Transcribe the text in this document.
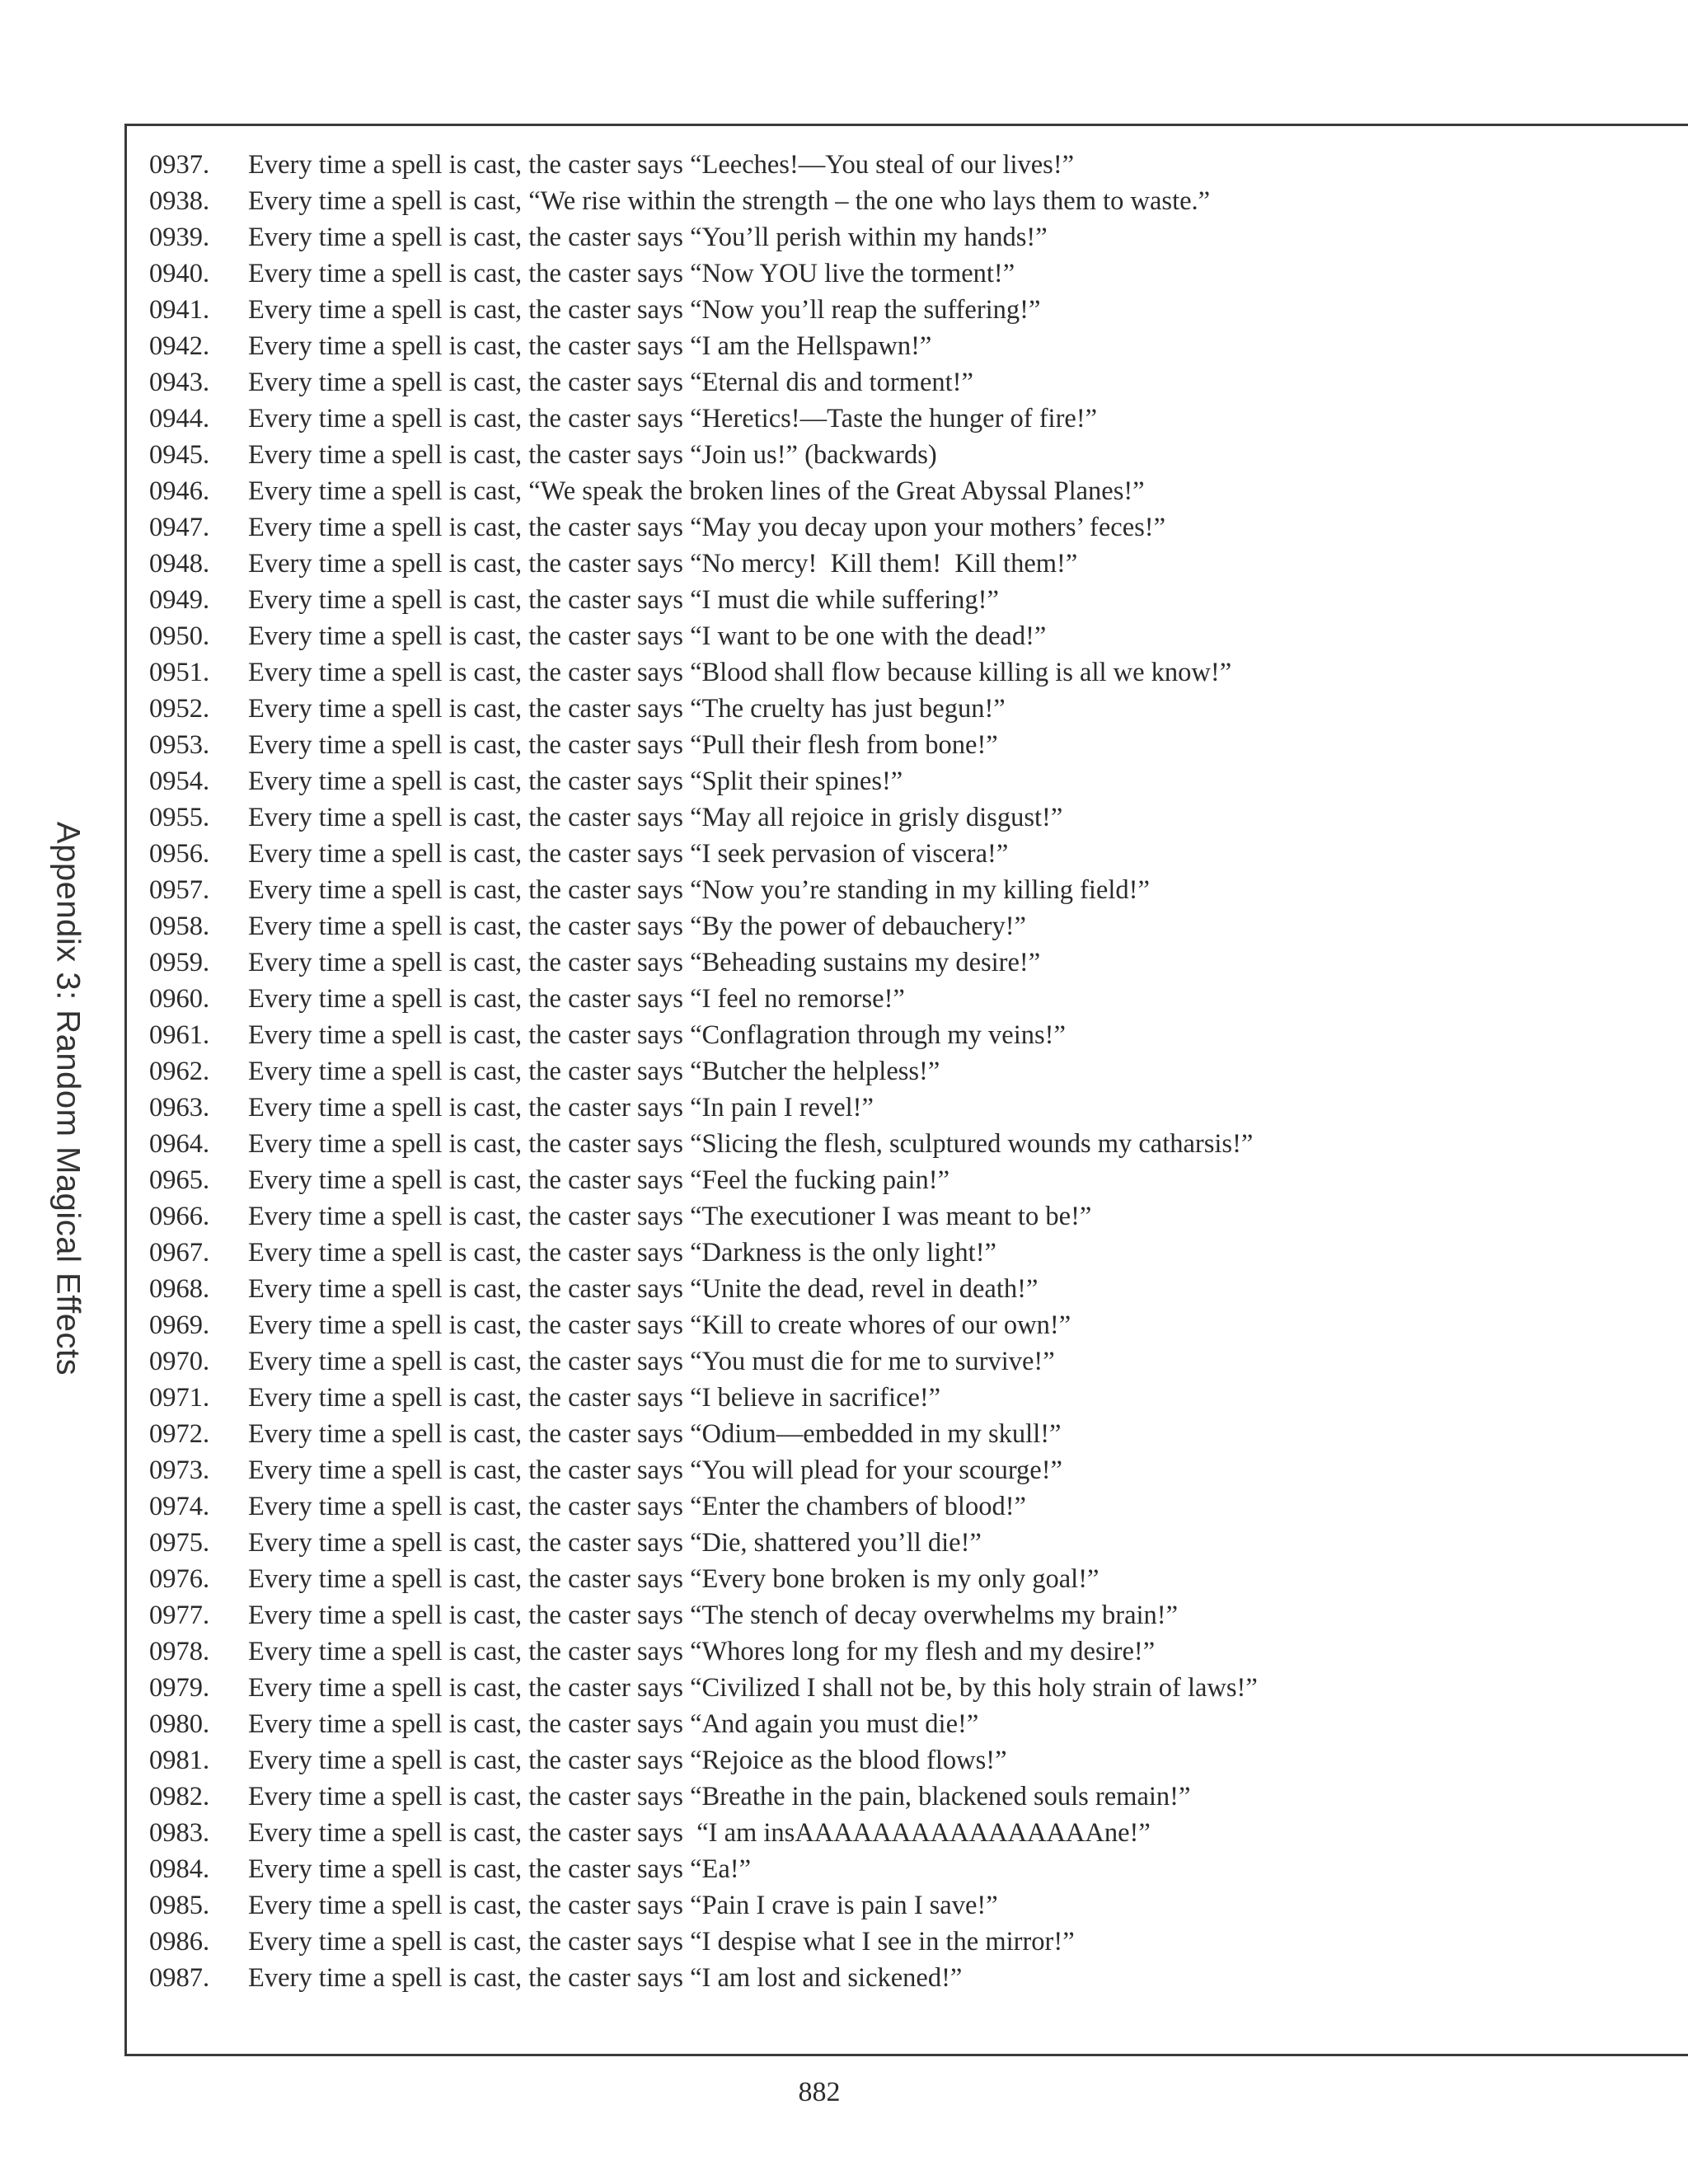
Appendix 3: Random Magical Effects
0937.	Every time a spell is cast, the caster says “Leeches!—You steal of our lives!”
0938.	Every time a spell is cast, “We rise within the strength – the one who lays them to waste.”
0939.	Every time a spell is cast, the caster says “You’ll perish within my hands!”
0940.	Every time a spell is cast, the caster says “Now YOU live the torment!”
0941.	Every time a spell is cast, the caster says “Now you’ll reap the suffering!”
0942.	Every time a spell is cast, the caster says “I am the Hellspawn!”
0943.	Every time a spell is cast, the caster says “Eternal dis and torment!”
0944.	Every time a spell is cast, the caster says “Heretics!—Taste the hunger of fire!”
0945.	Every time a spell is cast, the caster says “Join us!” (backwards)
0946.	Every time a spell is cast, “We speak the broken lines of the Great Abyssal Planes!”
0947.	Every time a spell is cast, the caster says “May you decay upon your mothers’ feces!”
0948.	Every time a spell is cast, the caster says “No mercy!  Kill them!  Kill them!”
0949.	Every time a spell is cast, the caster says “I must die while suffering!”
0950.	Every time a spell is cast, the caster says “I want to be one with the dead!”
0951.	Every time a spell is cast, the caster says “Blood shall flow because killing is all we know!”
0952.	Every time a spell is cast, the caster says “The cruelty has just begun!”
0953.	Every time a spell is cast, the caster says “Pull their flesh from bone!”
0954.	Every time a spell is cast, the caster says “Split their spines!”
0955.	Every time a spell is cast, the caster says “May all rejoice in grisly disgust!”
0956.	Every time a spell is cast, the caster says “I seek pervasion of viscera!”
0957.	Every time a spell is cast, the caster says “Now you’re standing in my killing field!”
0958.	Every time a spell is cast, the caster says “By the power of debauchery!”
0959.	Every time a spell is cast, the caster says “Beheading sustains my desire!”
0960.	Every time a spell is cast, the caster says “I feel no remorse!”
0961.	Every time a spell is cast, the caster says “Conflagration through my veins!”
0962.	Every time a spell is cast, the caster says “Butcher the helpless!”
0963.	Every time a spell is cast, the caster says “In pain I revel!”
0964.	Every time a spell is cast, the caster says “Slicing the flesh, sculptured wounds my catharsis!”
0965.	Every time a spell is cast, the caster says “Feel the fucking pain!”
0966.	Every time a spell is cast, the caster says “The executioner I was meant to be!”
0967.	Every time a spell is cast, the caster says “Darkness is the only light!”
0968.	Every time a spell is cast, the caster says “Unite the dead, revel in death!”
0969.	Every time a spell is cast, the caster says “Kill to create whores of our own!”
0970.	Every time a spell is cast, the caster says “You must die for me to survive!”
0971.	Every time a spell is cast, the caster says “I believe in sacrifice!”
0972.	Every time a spell is cast, the caster says “Odium—embedded in my skull!”
0973.	Every time a spell is cast, the caster says “You will plead for your scourge!”
0974.	Every time a spell is cast, the caster says “Enter the chambers of blood!”
0975.	Every time a spell is cast, the caster says “Die, shattered you’ll die!”
0976.	Every time a spell is cast, the caster says “Every bone broken is my only goal!”
0977.	Every time a spell is cast, the caster says “The stench of decay overwhelms my brain!”
0978.	Every time a spell is cast, the caster says “Whores long for my flesh and my desire!”
0979.	Every time a spell is cast, the caster says “Civilized I shall not be, by this holy strain of laws!”
0980.	Every time a spell is cast, the caster says “And again you must die!”
0981.	Every time a spell is cast, the caster says “Rejoice as the blood flows!”
0982.	Every time a spell is cast, the caster says “Breathe in the pain, blackened souls remain!”
0983.	Every time a spell is cast, the caster says  “I am insAAAAAAAAAAAAAAAAne!”
0984.	Every time a spell is cast, the caster says “Ea!”
0985.	Every time a spell is cast, the caster says “Pain I crave is pain I save!”
0986.	Every time a spell is cast, the caster says “I despise what I see in the mirror!”
0987.	Every time a spell is cast, the caster says “I am lost and sickened!”
882
